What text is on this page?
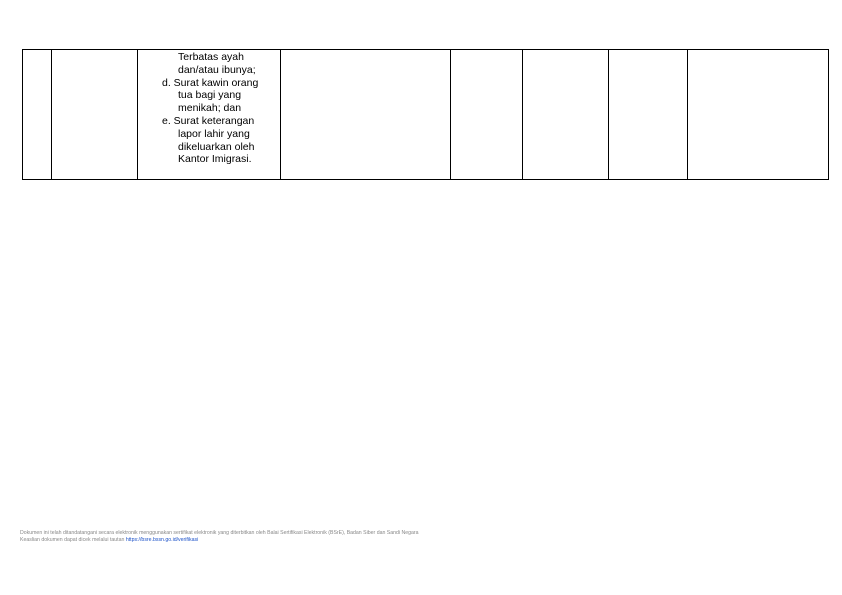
Terbatas ayah
dan/atau ibunya;
d. Surat kawin orang
tua bagi yang
menikah; dan
e. Surat keterangan
lapor lahir yang
dikeluarkan oleh
Kantor Imigrasi.

Dokumen ini telah ditandatangani secara elektronik menggunakan sertifikat elektronik yang diterbitkan oleh Balai Sertifikasi Elektronik (BSrE), Badan Siber dan Sandi Negara
Keaslian dokumen dapat dicek melalui tautan https://bsre.bssn.go.id/verifikasi
